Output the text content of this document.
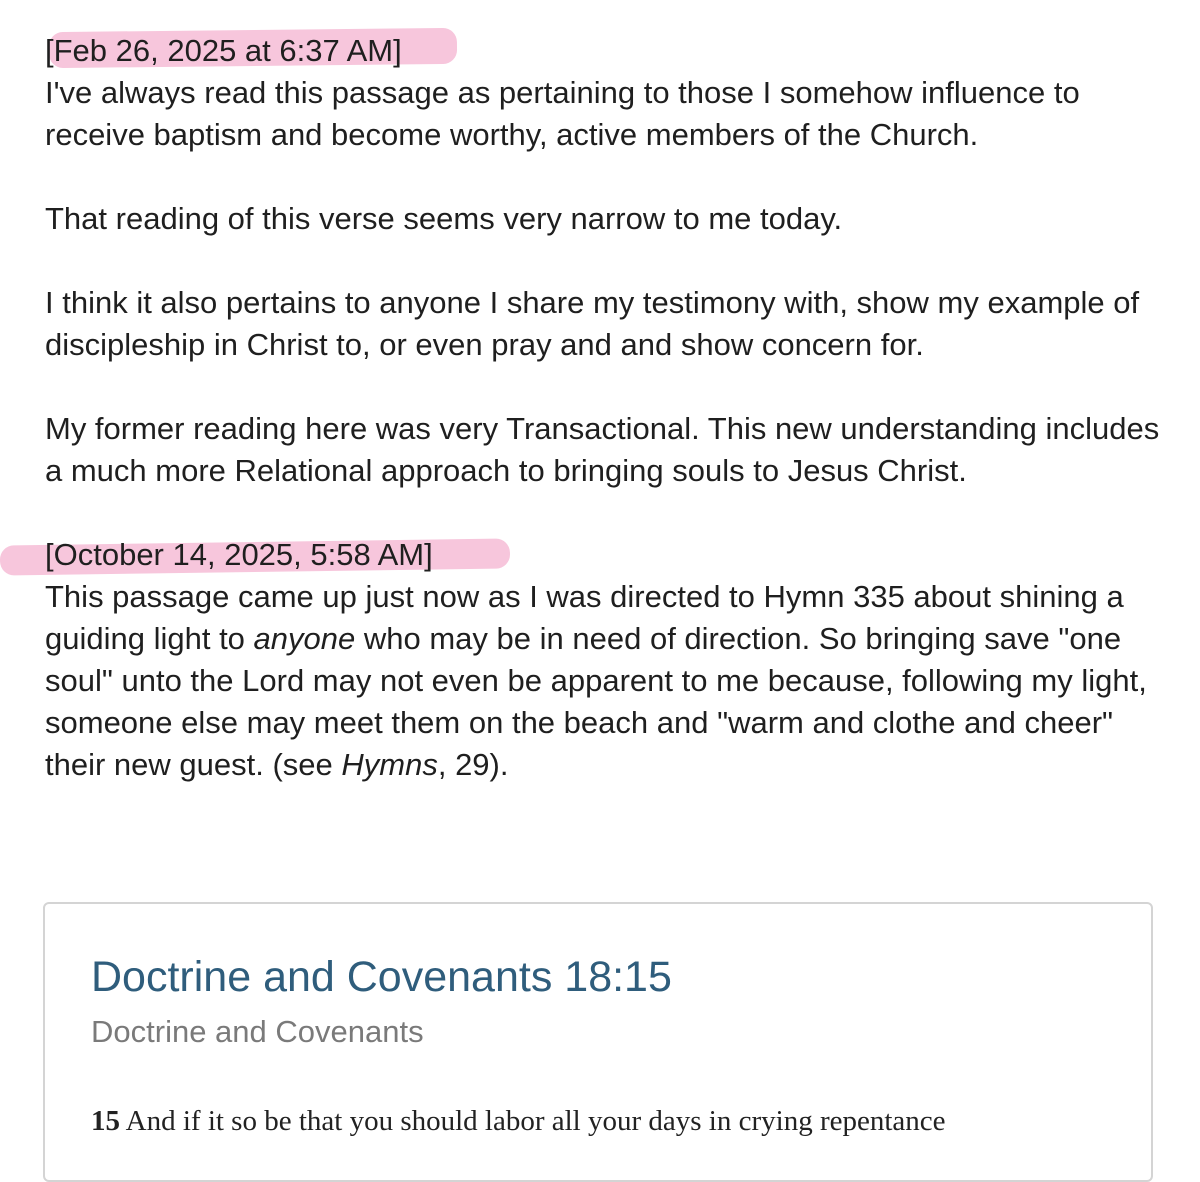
[Feb 26, 2025 at 6:37 AM]

I've always read this passage as pertaining to those I somehow influence to receive baptism and become worthy, active members of the Church.

That reading of this verse seems very narrow to me today.

I think it also pertains to anyone I share my testimony with, show my example of discipleship in Christ to, or even pray and and show concern for.

My former reading here was very Transactional. This new understanding includes a much more Relational approach to bringing souls to Jesus Christ.

[October 14, 2025, 5:58 AM]

This passage came up just now as I was directed to Hymn 335 about shining a guiding light to anyone who may be in need of direction. So bringing save "one soul" unto the Lord may not even be apparent to me because, following my light, someone else may meet them on the beach and "warm and clothe and cheer" their new guest. (see Hymns, 29).

Doctrine and Covenants 18:15
Doctrine and Covenants
15 And if it so be that you should labor all your days in crying repentance
